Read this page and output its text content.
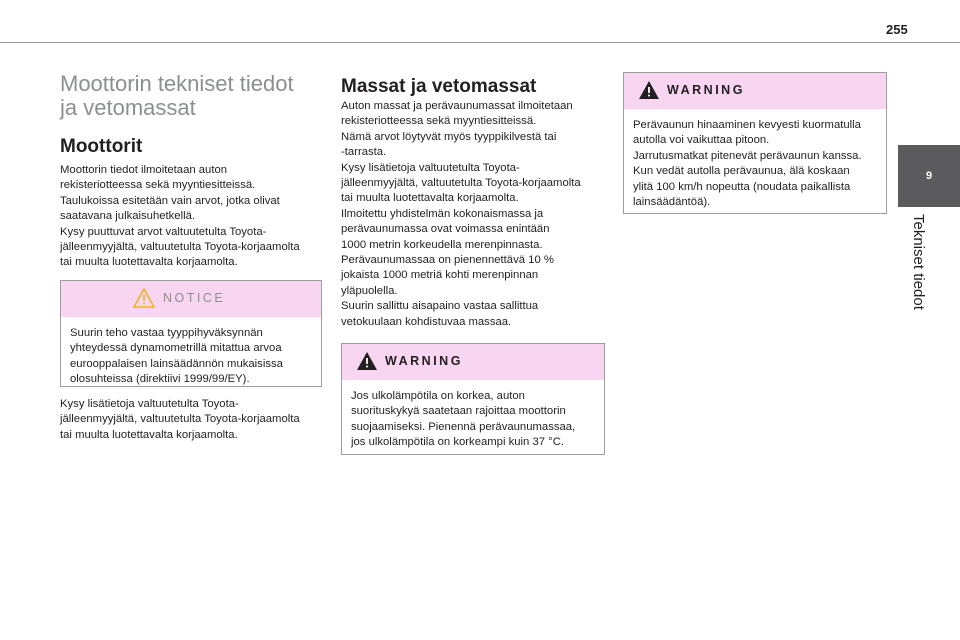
255
9
Tekniset tiedot
Moottorin tekniset tiedot
ja vetomassat
Moottorit

Moottorin tiedot ilmoitetaan auton
rekisteriotteessa sekä myyntiesitteissä.
Taulukoissa esitetään vain arvot, jotka olivat
saatavana julkaisuhetkellä.
Kysy puuttuvat arvot valtuutetulta Toyota-
jälleenmyyjältä, valtuutetulta Toyota-korjaamolta
tai muulta luotettavalta korjaamolta.

NOTICE
Suurin teho vastaa tyyppihyväksynnän
yhteydessä dynamometrillä mitattua arvoa
eurooppalaisen lainsäädännön mukaisissa
olosuhteissa (direktiivi 1999/99/EY).

Kysy lisätietoja valtuutetulta Toyota-
jälleenmyyjältä, valtuutetulta Toyota-korjaamolta
tai muulta luotettavalta korjaamolta.

Massat ja vetomassat

Auton massat ja perävaunumassat ilmoitetaan
rekisteriotteessa sekä myyntiesitteissä.
Nämä arvot löytyvät myös tyyppikilvestä tai
-tarrasta.
Kysy lisätietoja valtuutetulta Toyota-
jälleenmyyjältä, valtuutetulta Toyota-korjaamolta
tai muulta luotettavalta korjaamolta.
Ilmoitettu yhdistelmän kokonaismassa ja
perävaunumassa ovat voimassa enintään
1000 metrin korkeudella merenpinnasta.
Perävaunumassaa on pienennettävä 10 %
jokaista 1000 metriä kohti merenpinnan
yläpuolella.
Suurin sallittu aisapaino vastaa sallittua
vetokuulaan kohdistuvaa massaa.

WARNING
Jos ulkolämpötila on korkea, auton
suorituskykyä saatetaan rajoittaa moottorin
suojaamiseksi. Pienennä perävaunumassaa,
jos ulkolämpötila on korkeampi kuin 37 °C.
WARNING
Perävaunun hinaaminen kevyesti kuormatulla
autolla voi vaikuttaa pitoon.
Jarrutusmatkat pitenevät perävaunun kanssa.
Kun vedät autolla perävaunua, älä koskaan
ylitä 100 km/h nopeutta (noudata paikallista
lainsäädäntöä).
